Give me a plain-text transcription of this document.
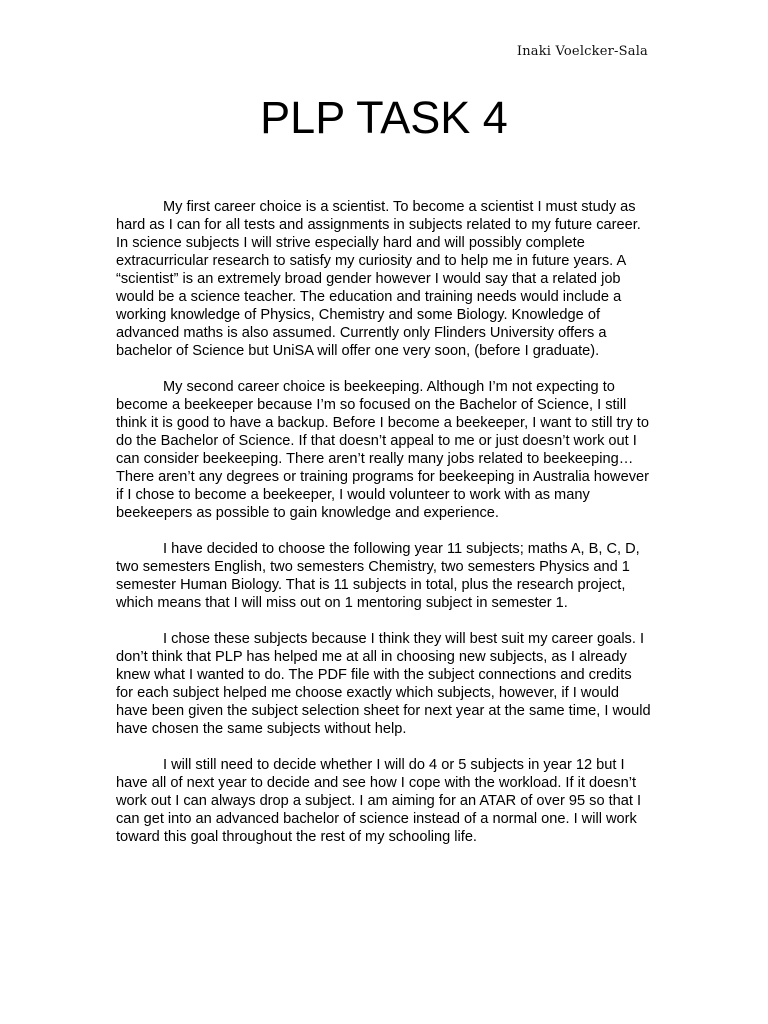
Inaki Voelcker-Sala
PLP TASK 4

My first career choice is a scientist. To become a scientist I must study as hard as I can for all tests and assignments in subjects related to my future career. In science subjects I will strive especially hard and will possibly complete extracurricular research to satisfy my curiosity and to help me in future years. A “scientist” is an extremely broad gender however I would say that a related job would be a science teacher. The education and training needs would include a working knowledge of Physics, Chemistry and some Biology. Knowledge of advanced maths is also assumed. Currently only Flinders University offers a bachelor of Science but UniSA will offer one very soon, (before I graduate).

My second career choice is beekeeping. Although I’m not expecting to become a beekeeper because I’m so focused on the Bachelor of Science, I still think it is good to have a backup. Before I become a beekeeper, I want to still try to do the Bachelor of Science. If that doesn’t appeal to me or just doesn’t work out I can consider beekeeping. There aren’t really many jobs related to beekeeping… There aren’t any degrees or training programs for beekeeping in Australia however if I chose to become a beekeeper, I would volunteer to work with as many beekeepers as possible to gain knowledge and experience.

I have decided to choose the following year 11 subjects; maths A, B, C, D, two semesters English, two semesters Chemistry, two semesters Physics and 1 semester Human Biology. That is 11 subjects in total, plus the research project, which means that I will miss out on 1 mentoring subject in semester 1.

I chose these subjects because I think they will best suit my career goals. I don’t think that PLP has helped me at all in choosing new subjects, as I already knew what I wanted to do. The PDF file with the subject connections and credits for each subject helped me choose exactly which subjects, however, if I would have been given the subject selection sheet for next year at the same time, I would have chosen the same subjects without help.

I will still need to decide whether I will do 4 or 5 subjects in year 12 but I have all of next year to decide and see how I cope with the workload. If it doesn’t work out I can always drop a subject. I am aiming for an ATAR of over 95 so that I can get into an advanced bachelor of science instead of a normal one. I will work toward this goal throughout the rest of my schooling life.
